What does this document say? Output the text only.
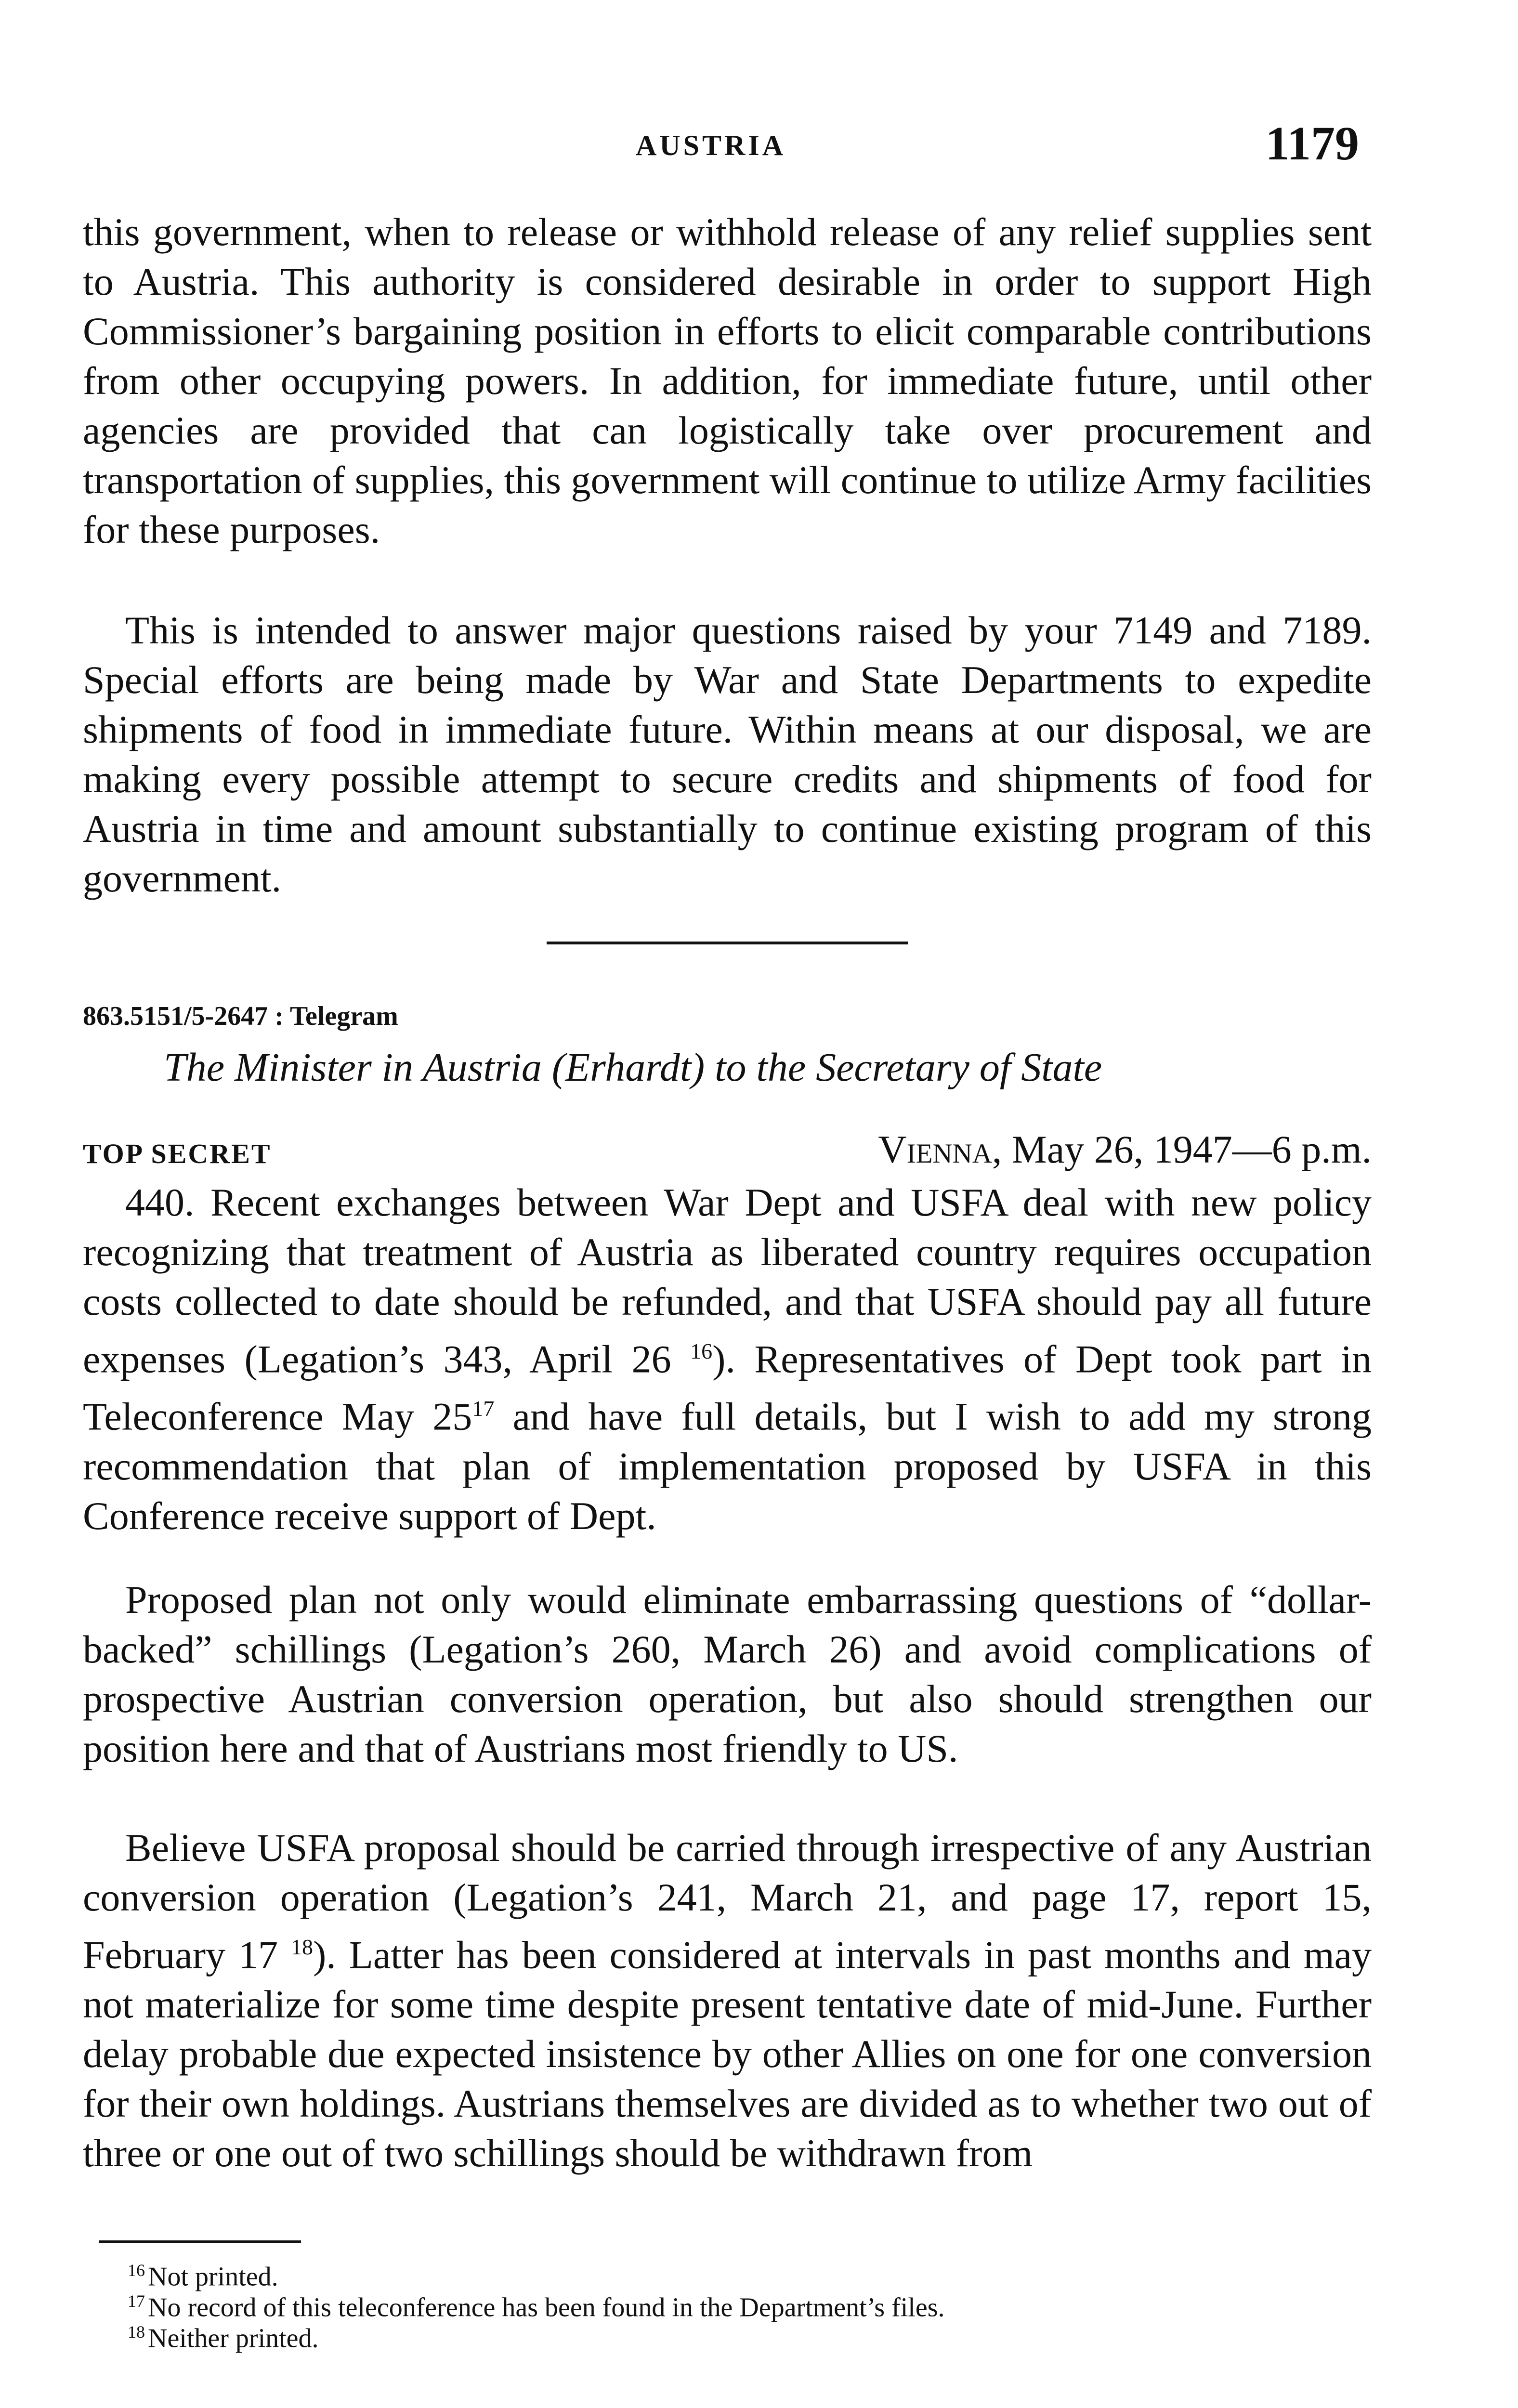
AUSTRIA	1179

this government, when to release or withhold release of any relief supplies sent to Austria. This authority is considered desirable in order to support High Commissioner’s bargaining position in efforts to elicit comparable contributions from other occupying powers. In addition, for immediate future, until other agencies are provided that can logistically take over procurement and transportation of supplies, this government will continue to utilize Army facilities for these purposes.

This is intended to answer major questions raised by your 7149 and 7189. Special efforts are being made by War and State Departments to expedite shipments of food in immediate future. Within means at our disposal, we are making every possible attempt to secure credits and shipments of food for Austria in time and amount substantially to continue existing program of this government.

863.5151/5-2647 : Telegram
The Minister in Austria (Erhardt) to the Secretary of State
TOP SECRET	Vienna, May 26, 1947—6 p.m.

440. Recent exchanges between War Dept and USFA deal with new policy recognizing that treatment of Austria as liberated country requires occupation costs collected to date should be refunded, and that USFA should pay all future expenses (Legation’s 343, April 26 $^{16}$). Representatives of Dept took part in Teleconference May 25$^{17}$ and have full details, but I wish to add my strong recommendation that plan of implementation proposed by USFA in this Conference receive support of Dept.

Proposed plan not only would eliminate embarrassing questions of “dollar-backed” schillings (Legation’s 260, March 26) and avoid complications of prospective Austrian conversion operation, but also should strengthen our position here and that of Austrians most friendly to US.

Believe USFA proposal should be carried through irrespective of any Austrian conversion operation (Legation’s 241, March 21, and page 17, report 15, February 17 $^{18}$). Latter has been considered at intervals in past months and may not materialize for some time despite present tentative date of mid-June. Further delay probable due expected insistence by other Allies on one for one conversion for their own holdings. Austrians themselves are divided as to whether two out of three or one out of two schillings should be withdrawn from

$^{16}$ Not printed.
$^{17}$ No record of this teleconference has been found in the Department’s files.
$^{18}$ Neither printed.
